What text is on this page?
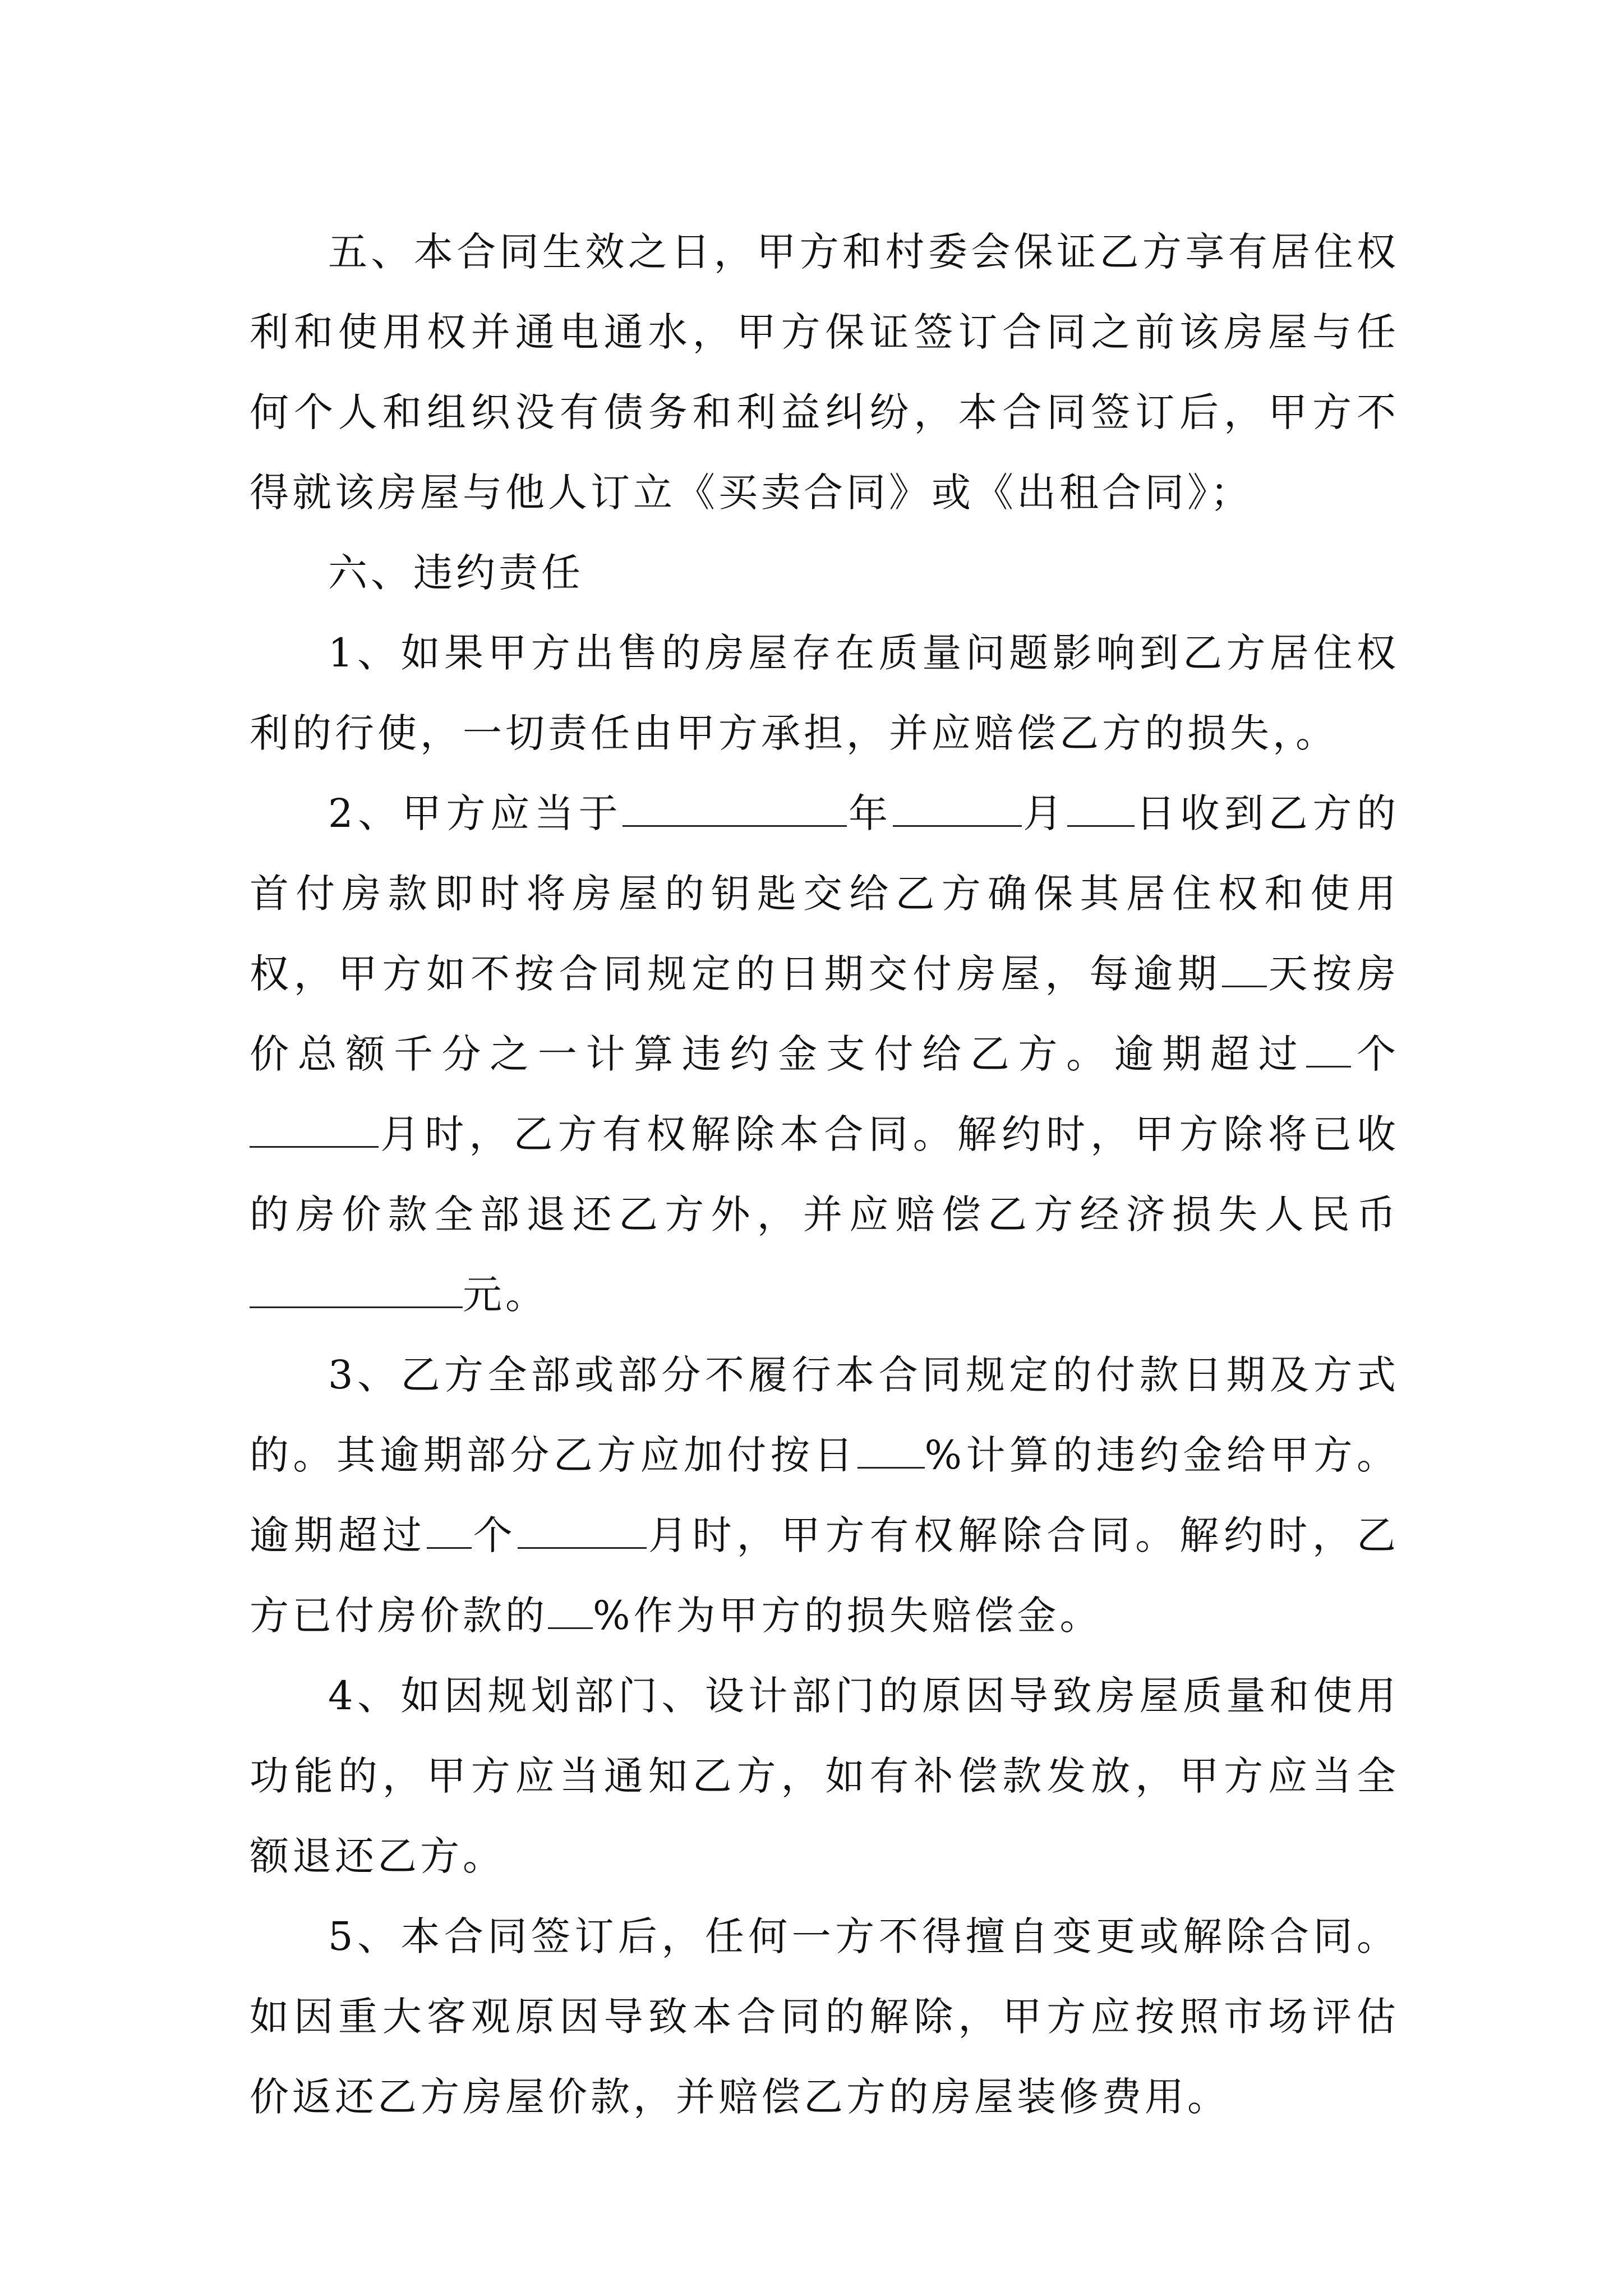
五、本合同生效之日，甲方和村委会保证乙方享有居住权利和使用权并通电通水，甲方保证签订合同之前该房屋与任何个人和组织没有债务和利益纠纷，本合同签订后，甲方不得就该房屋与他人订立《买卖合同》或《出租合同》；

六、违约责任

1、如果甲方出售的房屋存在质量问题影响到乙方居住权利的行使，一切责任由甲方承担，并应赔偿乙方的损失，。

2、甲方应当于	年	月 日收到乙方的首付房款即时将房屋的钥匙交给乙方确保其居住权和使用权，甲方如不按合同规定的日期交付房屋，每逾期 天按房价总额千分之一计算违约金支付给乙方。逾期超过 个月时，乙方有权解除本合同。解约时，甲方除将已收的房价款全部退还乙方外，并应赔偿乙方经济损失人民币元。

3、乙方全部或部分不履行本合同规定的付款日期及方式的。其逾期部分乙方应加付按日 %计算的违约金给甲方。逾期超过 个	月时，甲方有权解除合同。解约时，乙方已付房价款的 %作为甲方的损失赔偿金。

4、如因规划部门、设计部门的原因导致房屋质量和使用功能的，甲方应当通知乙方，如有补偿款发放，甲方应当全额退还乙方。

5、本合同签订后，任何一方不得擅自变更或解除合同。如因重大客观原因导致本合同的解除，甲方应按照市场评估价返还乙方房屋价款，并赔偿乙方的房屋装修费用。
